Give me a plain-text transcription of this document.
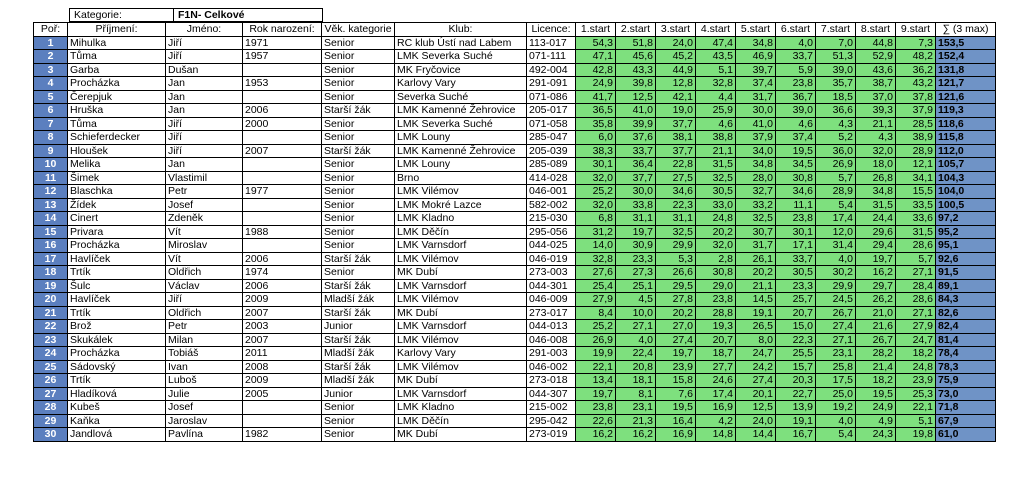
Kategorie:	F1N- Celkové
Poř:	Příjmení:	Jméno:	Rok narození:	Věk. kategorie	Klub:	Licence:	1.start	2.start	3.start	4.start	5.start	6.start	7.start	8.start	9.start	∑ (3 max)
1	Mihulka	Jiří	1971	Senior	RC klub Ústí nad Labem	113-017	54,3	51,8	24,0	47,4	34,8	4,0	7,0	44,8	7,3	153,5
2	Tůma	Jiří	1957	Senior	LMK Severka Suché	071-111	47,1	45,6	45,2	43,5	46,9	33,7	51,3	52,9	48,2	152,4
3	Garba	Dušan		Senior	MK Fryčovice	492-004	42,8	43,3	44,9	5,1	39,7	5,9	39,0	43,6	36,2	131,8
4	Procházka	Jan	1953	Senior	Karlovy Vary	291-091	24,9	39,8	12,8	32,8	37,4	23,8	35,7	38,7	43,2	121,7
5	Čerepjuk	Jan		Senior	Severka Suché	071-086	41,7	12,5	42,1	4,4	31,7	36,7	18,5	37,0	37,8	121,6
6	Hruška	Jan	2006	Starší žák	LMK Kamenné Žehrovice	205-017	36,5	41,0	19,0	25,9	30,0	39,0	36,6	39,3	37,9	119,3
7	Tůma	Jiří	2000	Senior	LMK Severka Suché	071-058	35,8	39,9	37,7	4,6	41,0	4,6	4,3	21,1	28,5	118,6
8	Schieferdecker	Jiří		Senior	LMK Louny	285-047	6,0	37,6	38,1	38,8	37,9	37,4	5,2	4,3	38,9	115,8
9	Hloušek	Jiří	2007	Starší žák	LMK Kamenné Žehrovice	205-039	38,3	33,7	37,7	21,1	34,0	19,5	36,0	32,0	28,9	112,0
10	Melika	Jan		Senior	LMK Louny	285-089	30,1	36,4	22,8	31,5	34,8	34,5	26,9	18,0	12,1	105,7
11	Šimek	Vlastimil		Senior	Brno	414-028	32,0	37,7	27,5	32,5	28,0	30,8	5,7	26,8	34,1	104,3
12	Blaschka	Petr	1977	Senior	LMK Vilémov	046-001	25,2	30,0	34,6	30,5	32,7	34,6	28,9	34,8	15,5	104,0
13	Žídek	Josef		Senior	LMK Mokré Lazce	582-002	32,0	33,8	22,3	33,0	33,2	11,1	5,4	31,5	33,5	100,5
14	Cinert	Zdeněk		Senior	LMK Kladno	215-030	6,8	31,1	31,1	24,8	32,5	23,8	17,4	24,4	33,6	97,2
15	Privara	Vít	1988	Senior	LMK Děčín	295-056	31,2	19,7	32,5	20,2	30,7	30,1	12,0	29,6	31,5	95,2
16	Procházka	Miroslav		Senior	LMK Varnsdorf	044-025	14,0	30,9	29,9	32,0	31,7	17,1	31,4	29,4	28,6	95,1
17	Havlíček	Vít	2006	Starší žák	LMK Vilémov	046-019	32,8	23,3	5,3	2,8	26,1	33,7	4,0	19,7	5,7	92,6
18	Trtík	Oldřich	1974	Senior	MK Dubí	273-003	27,6	27,3	26,6	30,8	20,2	30,5	30,2	16,2	27,1	91,5
19	Šulc	Václav	2006	Starší žák	LMK Varnsdorf	044-301	25,4	25,1	29,5	29,0	21,1	23,3	29,9	29,7	28,4	89,1
20	Havlíček	Jiří	2009	Mladší žák	LMK Vilémov	046-009	27,9	4,5	27,8	23,8	14,5	25,7	24,5	26,2	28,6	84,3
21	Trtík	Oldřich	2007	Starší žák	MK Dubí	273-017	8,4	10,0	20,2	28,8	19,1	20,7	26,7	21,0	27,1	82,6
22	Brož	Petr	2003	Junior	LMK Varnsdorf	044-013	25,2	27,1	27,0	19,3	26,5	15,0	27,4	21,6	27,9	82,4
23	Skukálek	Milan	2007	Starší žák	LMK Vilémov	046-008	26,9	4,0	27,4	20,7	8,0	22,3	27,1	26,7	24,7	81,4
24	Procházka	Tobiáš	2011	Mladší žák	Karlovy Vary	291-003	19,9	22,4	19,7	18,7	24,7	25,5	23,1	28,2	18,2	78,4
25	Sádovský	Ivan	2008	Starší žák	LMK Vilémov	046-002	22,1	20,8	23,9	27,7	24,2	15,7	25,8	21,4	24,8	78,3
26	Trtík	Luboš	2009	Mladší žák	MK Dubí	273-018	13,4	18,1	15,8	24,6	27,4	20,3	17,5	18,2	23,9	75,9
27	Hladíková	Julie	2005	Junior	LMK Varnsdorf	044-307	19,7	8,1	7,6	17,4	20,1	22,7	25,0	19,5	25,3	73,0
28	Kubeš	Josef		Senior	LMK Kladno	215-002	23,8	23,1	19,5	16,9	12,5	13,9	19,2	24,9	22,1	71,8
29	Kaňka	Jaroslav		Senior	LMK Děčín	295-042	22,6	21,3	16,4	4,2	24,0	19,1	4,0	4,9	5,1	67,9
30	Jandlová	Pavlína	1982	Senior	MK Dubí	273-019	16,2	16,2	16,9	14,8	14,4	16,7	5,4	24,3	19,8	61,0
